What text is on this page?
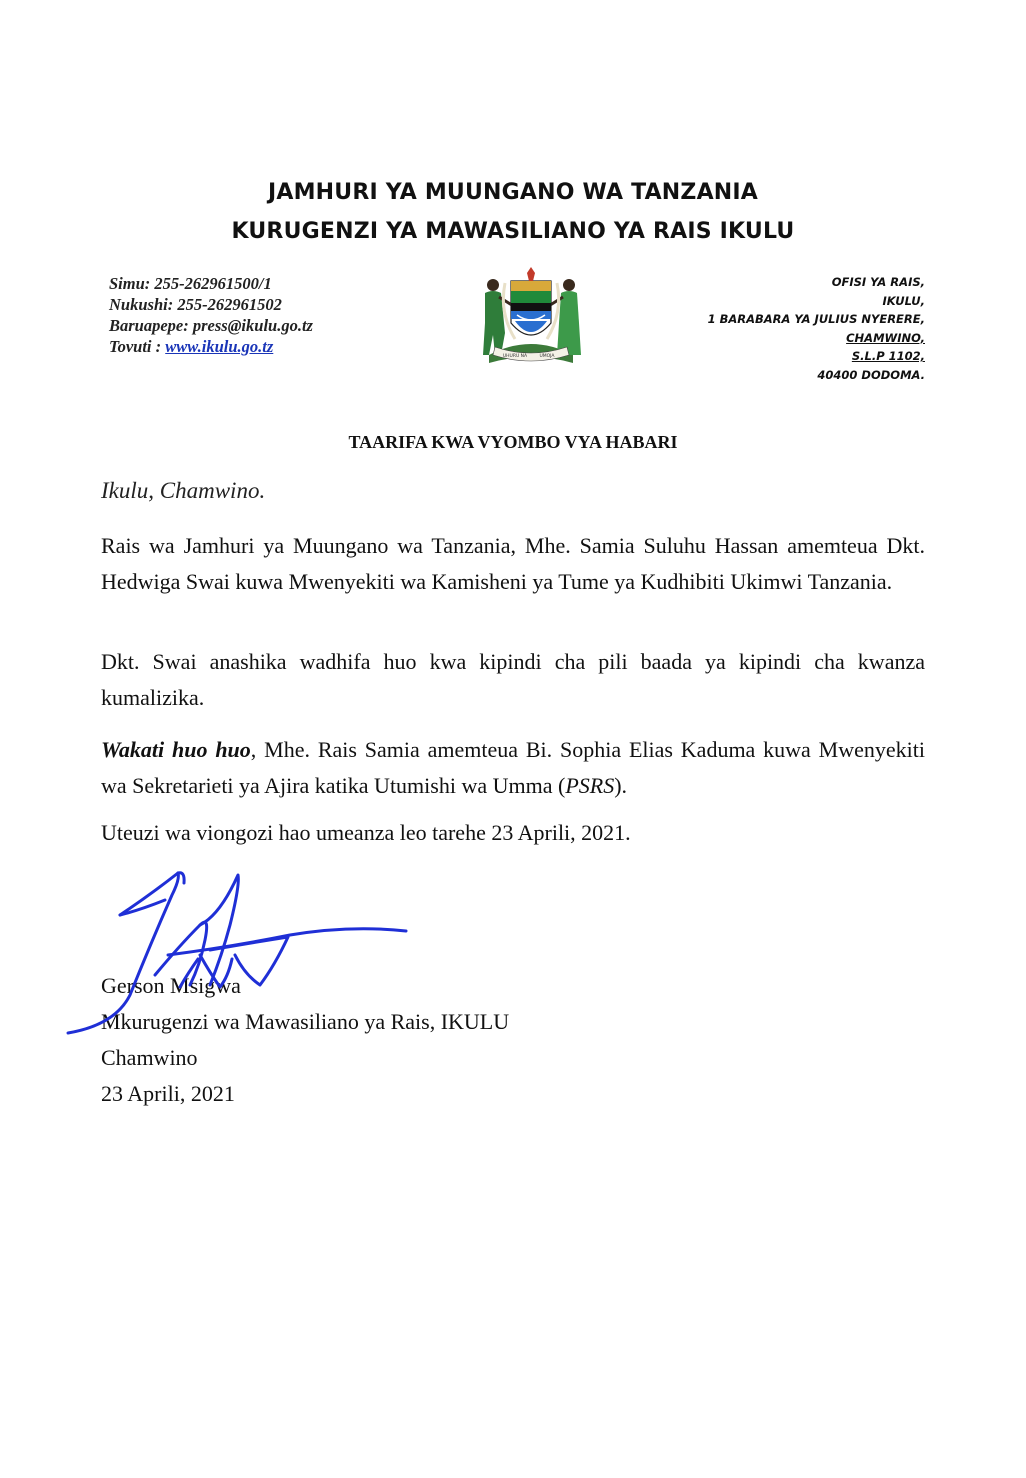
JAMHURI YA MUUNGANO WA TANZANIA
KURUGENZI YA MAWASILIANO YA RAIS IKULU
Simu: 255-262961500/1
Nukushi: 255-262961502
Baruapepe: press@ikulu.go.tz
Tovuti : www.ikulu.go.tz
UHURU NA	UMOJA
OFISI YA RAIS,
IKULU,
1 BARABARA YA JULIUS NYERERE,
CHAMWINO,
S.L.P 1102,
40400 DODOMA.
TAARIFA KWA VYOMBO VYA HABARI
Ikulu, Chamwino.

Rais wa Jamhuri ya Muungano wa Tanzania, Mhe. Samia Suluhu Hassan amemteua Dkt. Hedwiga Swai kuwa Mwenyekiti wa Kamisheni ya Tume ya Kudhibiti Ukimwi Tanzania.

Dkt. Swai anashika wadhifa huo kwa kipindi cha pili baada ya kipindi cha kwanza kumalizika.

Wakati huo huo, Mhe. Rais Samia amemteua Bi. Sophia Elias Kaduma kuwa Mwenyekiti wa Sekretarieti ya Ajira katika Utumishi wa Umma (PSRS).

Uteuzi wa viongozi hao umeanza leo tarehe 23 Aprili, 2021.

Gerson Msigwa
Mkurugenzi wa Mawasiliano ya Rais, IKULU
Chamwino
23 Aprili, 2021
